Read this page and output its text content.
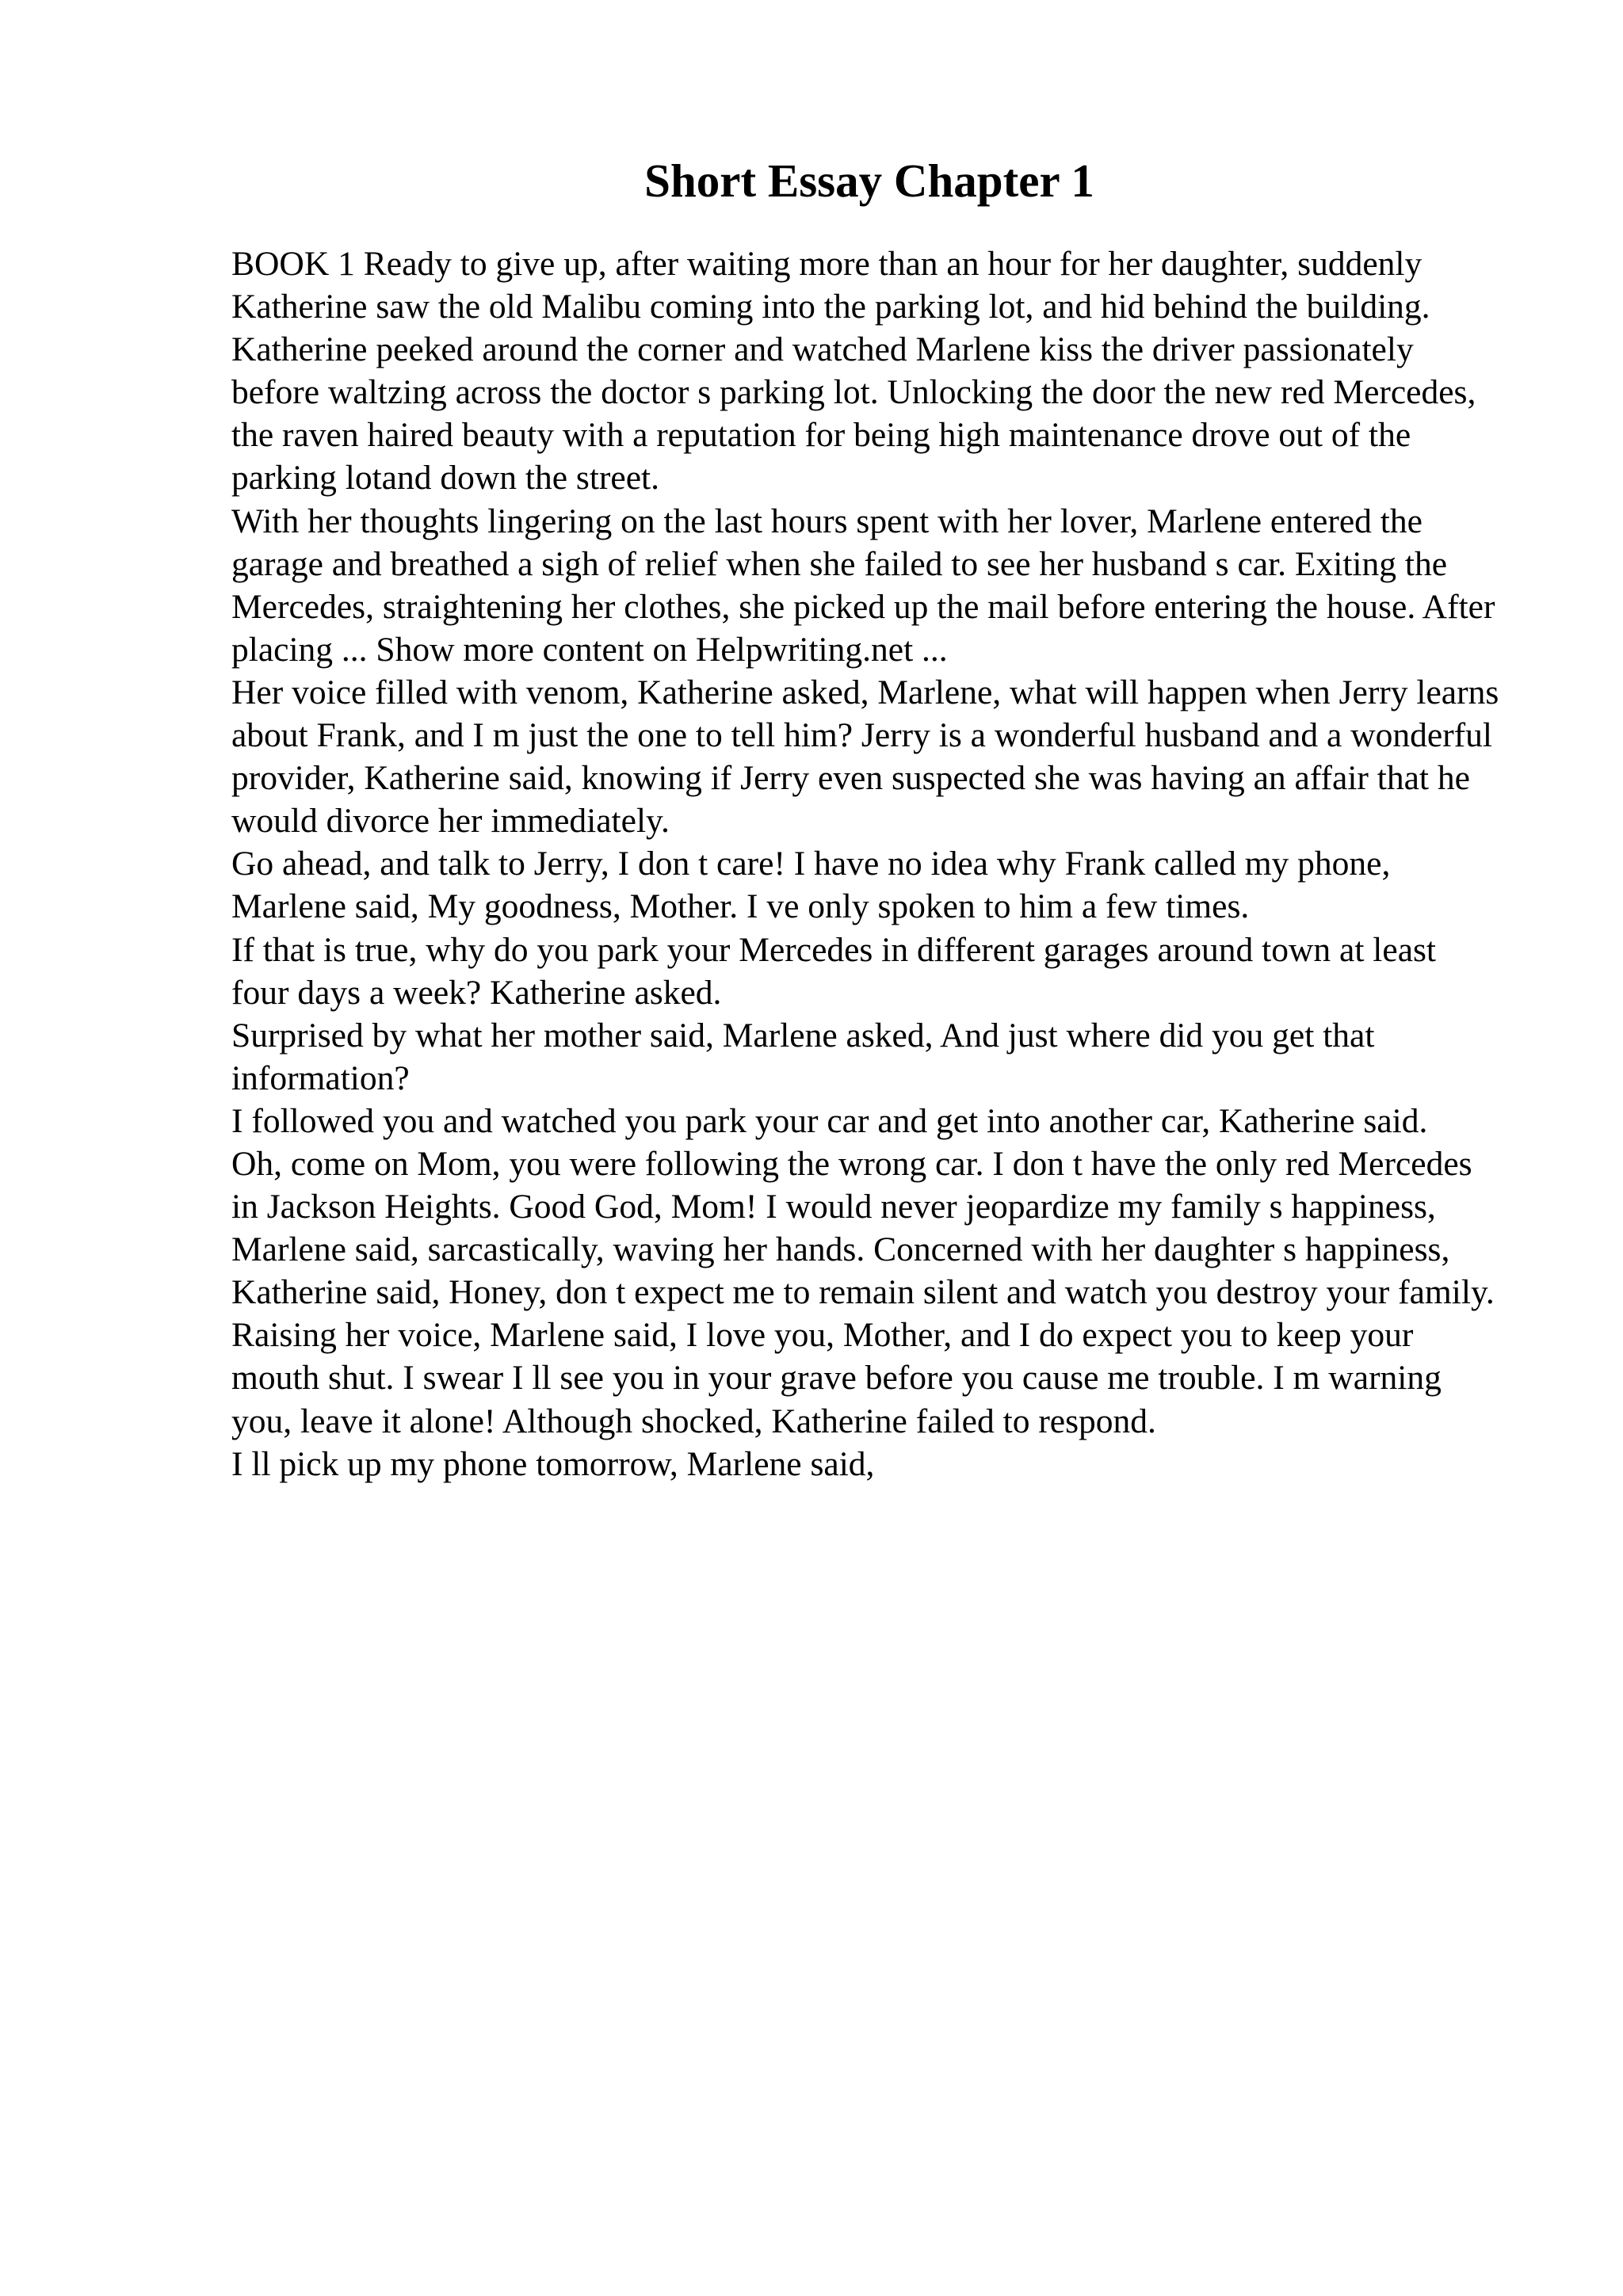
Short Essay Chapter 1

BOOK 1 Ready to give up, after waiting more than an hour for her daughter, suddenly Katherine saw the old Malibu coming into the parking lot, and hid behind the building. Katherine peeked around the corner and watched Marlene kiss the driver passionately before waltzing across the doctor s parking lot. Unlocking the door the new red Mercedes, the raven haired beauty with a reputation for being high maintenance drove out of the parking lotand down the street.

With her thoughts lingering on the last hours spent with her lover, Marlene entered the garage and breathed a sigh of relief when she failed to see her husband s car. Exiting the Mercedes, straightening her clothes, she picked up the mail before entering the house. After placing ... Show more content on Helpwriting.net ...

Her voice filled with venom, Katherine asked, Marlene, what will happen when Jerry learns about Frank, and I m just the one to tell him? Jerry is a wonderful husband and a wonderful provider, Katherine said, knowing if Jerry even suspected she was having an affair that he would divorce her immediately.

Go ahead, and talk to Jerry, I don t care! I have no idea why Frank called my phone, Marlene said, My goodness, Mother. I ve only spoken to him a few times.

If that is true, why do you park your Mercedes in different garages around town at least four days a week? Katherine asked.

Surprised by what her mother said, Marlene asked, And just where did you get that information?

I followed you and watched you park your car and get into another car, Katherine said.

Oh, come on Mom, you were following the wrong car. I don t have the only red Mercedes in Jackson Heights. Good God, Mom! I would never jeopardize my family s happiness, Marlene said, sarcastically, waving her hands. Concerned with her daughter s happiness, Katherine said, Honey, don t expect me to remain silent and watch you destroy your family. Raising her voice, Marlene said, I love you, Mother, and I do expect you to keep your mouth shut. I swear I ll see you in your grave before you cause me trouble. I m warning you, leave it alone! Although shocked, Katherine failed to respond.

I ll pick up my phone tomorrow, Marlene said,
